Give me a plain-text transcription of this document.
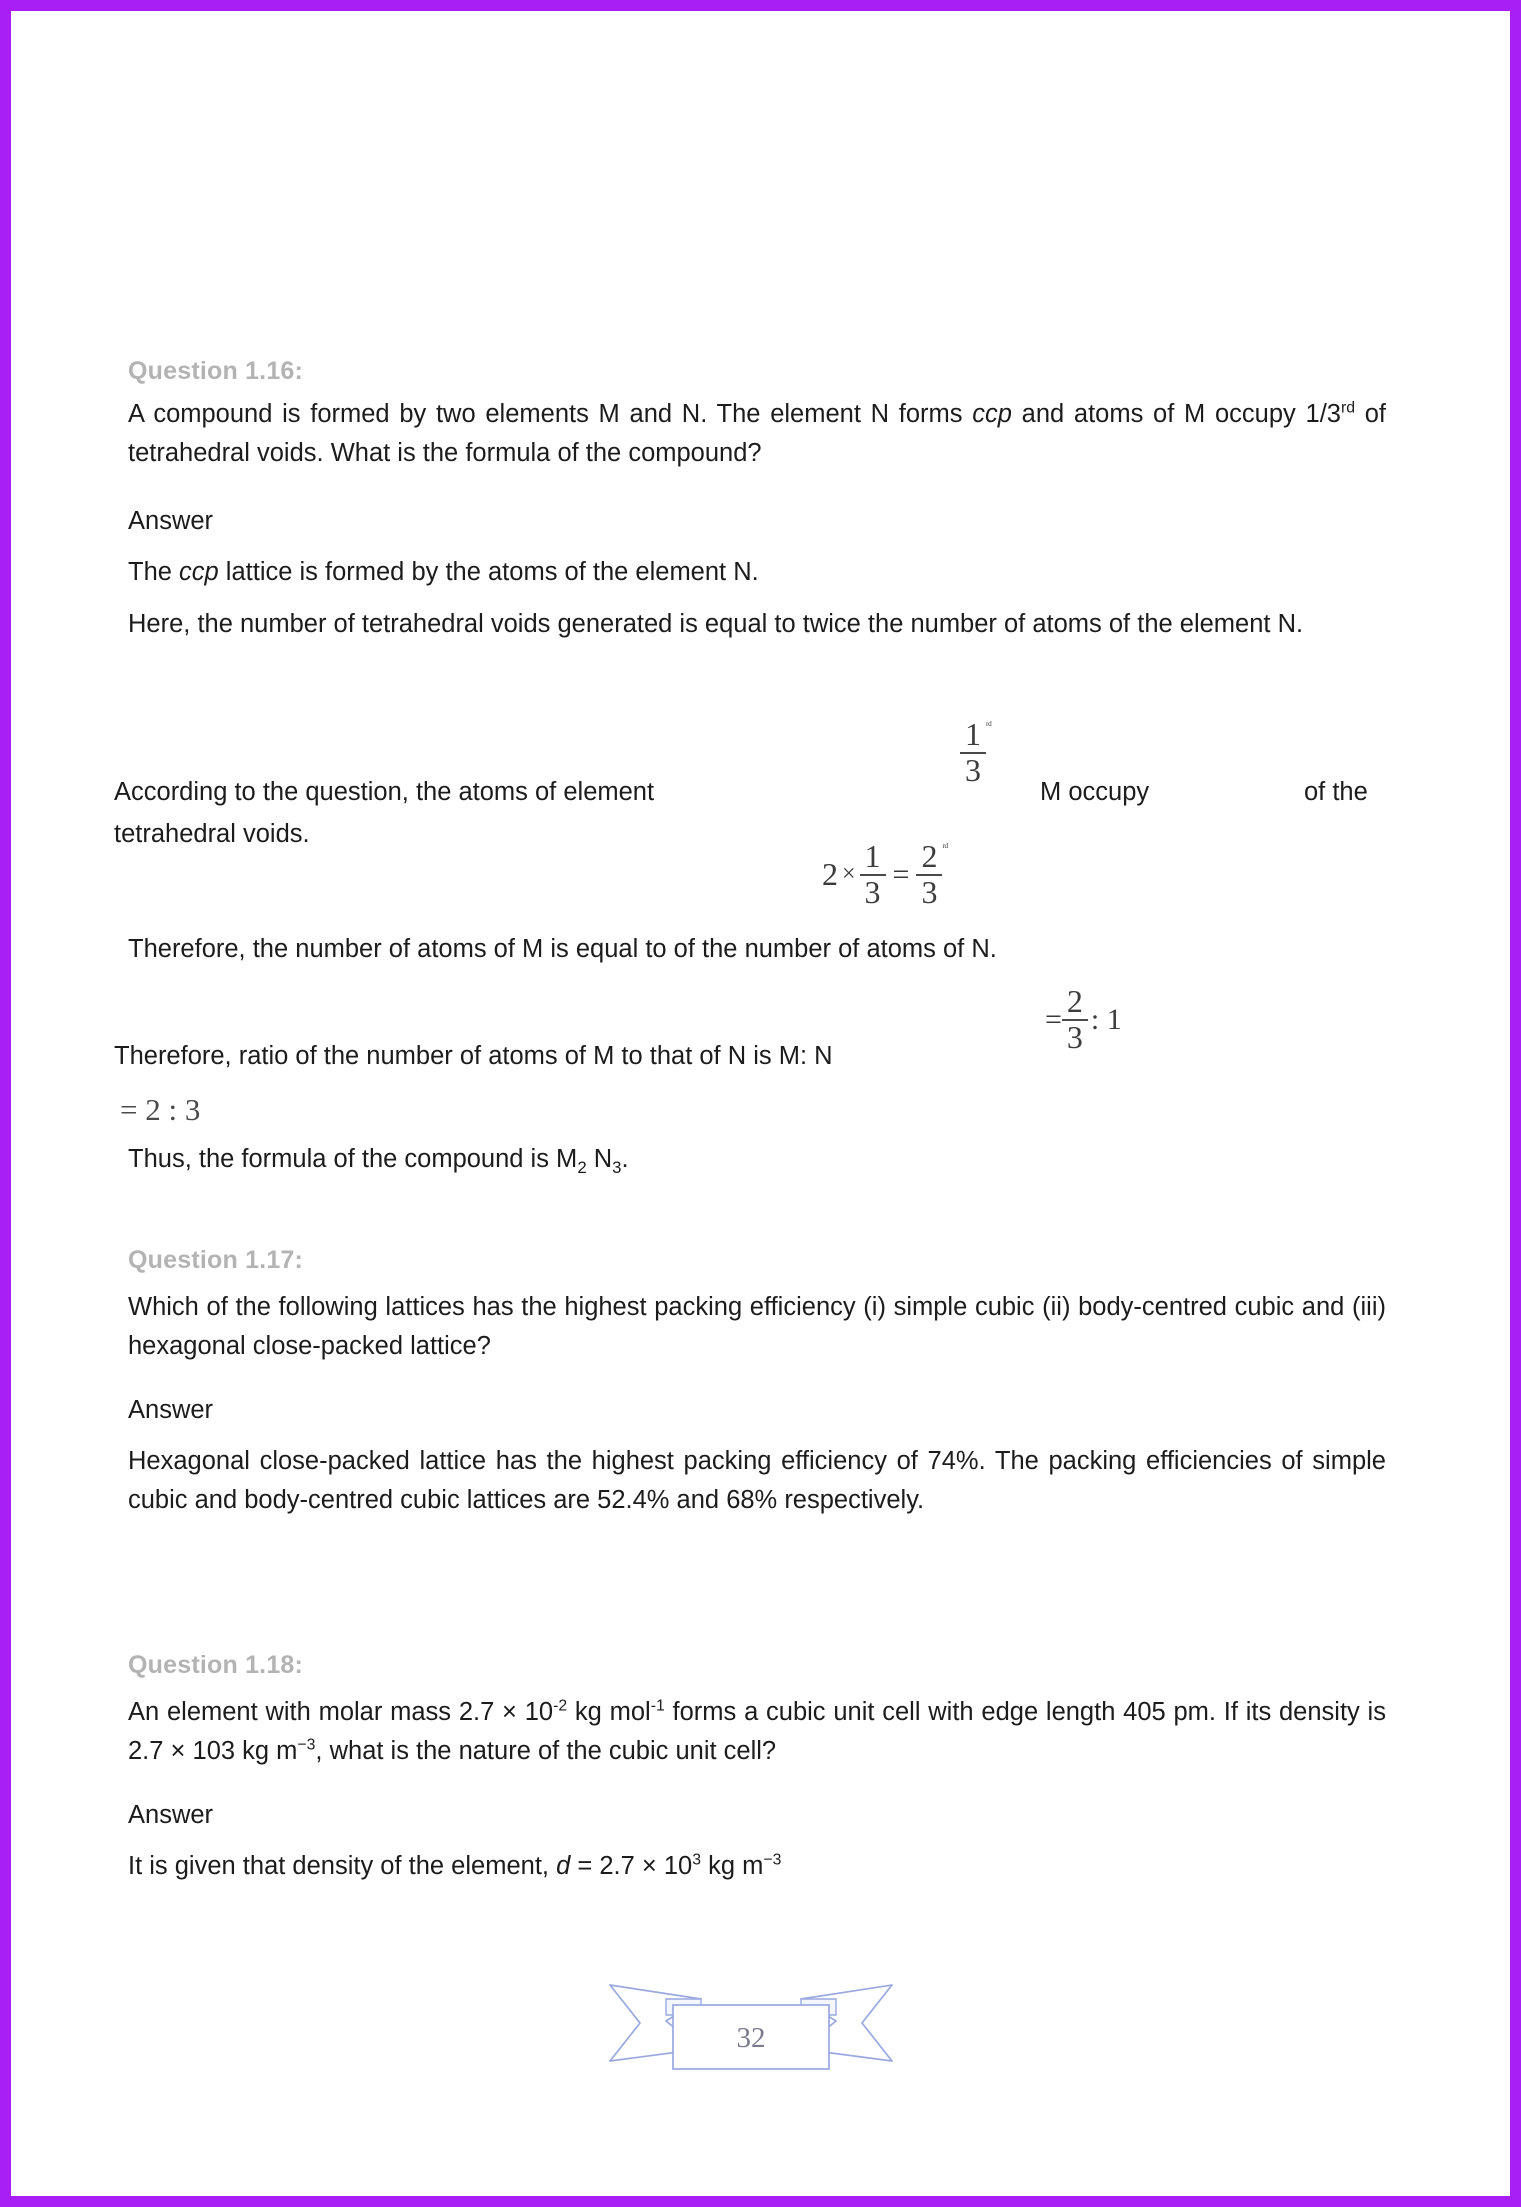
Question 1.16:

A compound is formed by two elements M and N. The element N forms ccp and atoms of M occupy 1/3rd of tetrahedral voids. What is the formula of the compound?

Answer

The ccp lattice is formed by the atoms of the element N.

Here, the number of tetrahedral voids generated is equal to twice the number of atoms of the element N.

$\frac{1}{3} ^{rd}$
According to the question, the atoms of element	M occupy	of the
tetrahedral voids.
$2 \times \frac{1}{3} = \frac{2}{3} ^{rd}$

Therefore, the number of atoms of M is equal to of the number of atoms of N.

= $\frac{2}{3}$ : 1
Therefore, ratio of the number of atoms of M to that of N is M: N
= 2 : 3

Thus, the formula of the compound is $M_2$ $N_3$.

Question 1.17:

Which of the following lattices has the highest packing efficiency (i) simple cubic (ii) body-centred cubic and (iii) hexagonal close-packed lattice?

Answer

Hexagonal close-packed lattice has the highest packing efficiency of 74%. The packing efficiencies of simple cubic and body-centred cubic lattices are 52.4% and 68% respectively.

Question 1.18:

An element with molar mass $2.7 \times 10^{-2}$ kg mol$^{-1}$ forms a cubic unit cell with edge length 405 pm. If its density is 2.7 × 103 kg $m^{-3}$, what is the nature of the cubic unit cell?

Answer

It is given that density of the element, $d = 2.7 \times 10^3$ kg $m^{-3}$

32
